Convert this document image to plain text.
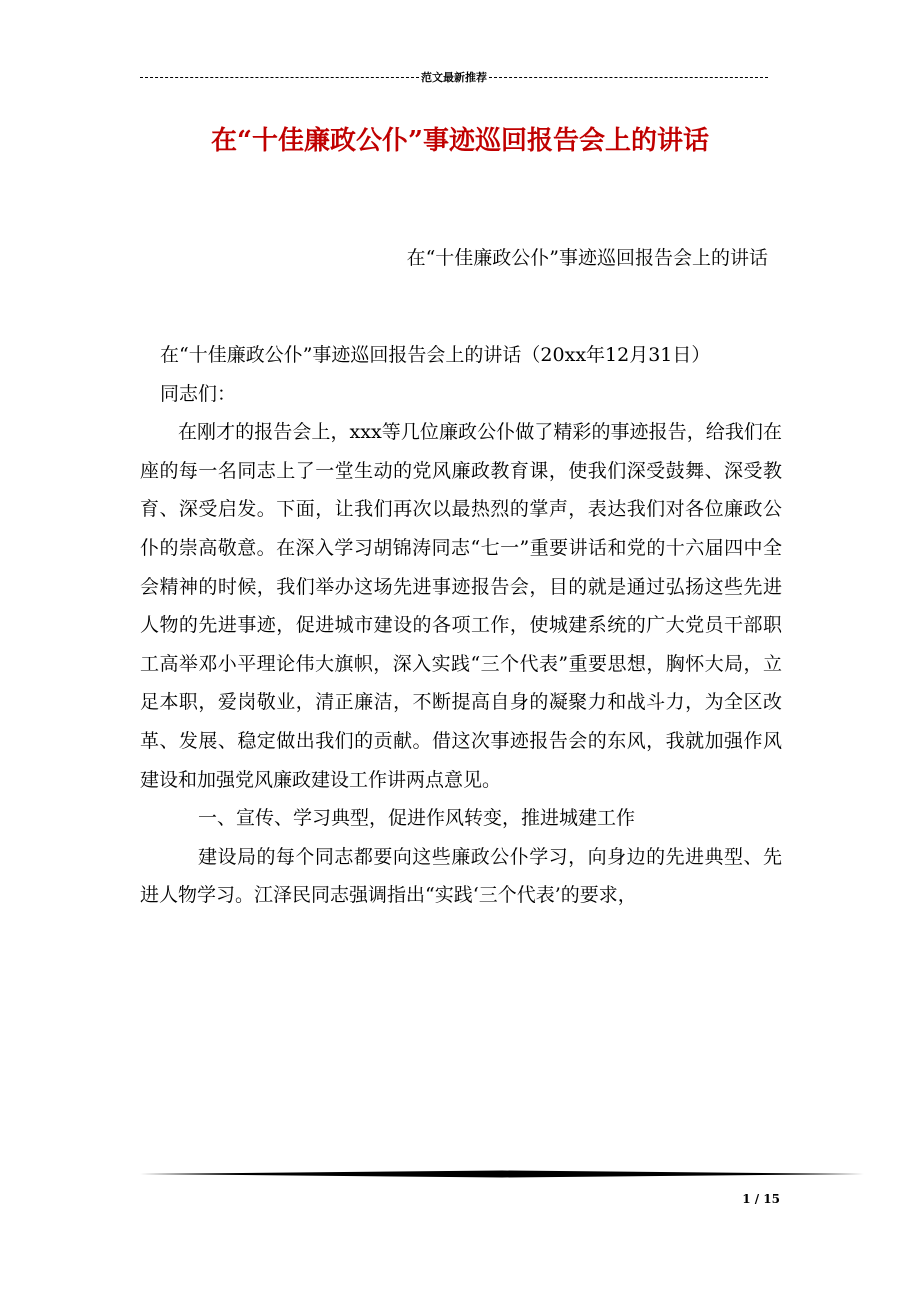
范文最新推荐
在“十佳廉政公仆”事迹巡回报告会上的讲话
在“十佳廉政公仆”事迹巡回报告会上的讲话

在“十佳廉政公仆”事迹巡回报告会上的讲话（20xx年12月31日）

同志们：

在刚才的报告会上，xxx等几位廉政公仆做了精彩的事迹报告，给我们在座的每一名同志上了一堂生动的党风廉政教育课，使我们深受鼓舞、深受教育、深受启发。下面，让我们再次以最热烈的掌声，表达我们对各位廉政公仆的崇高敬意。在深入学习胡锦涛同志“七一”重要讲话和党的十六届四中全会精神的时候，我们举办这场先进事迹报告会，目的就是通过弘扬这些先进人物的先进事迹，促进城市建设的各项工作，使城建系统的广大党员干部职工高举邓小平理论伟大旗帜，深入实践“三个代表”重要思想，胸怀大局，立足本职，爱岗敬业，清正廉洁，不断提高自身的凝聚力和战斗力，为全区改革、发展、稳定做出我们的贡献。借这次事迹报告会的东风，我就加强作风建设和加强党风廉政建设工作讲两点意见。

一、宣传、学习典型，促进作风转变，推进城建工作

建设局的每个同志都要向这些廉政公仆学习，向身边的先进典型、先进人物学习。江泽民同志强调指出“实践‘三个代表’的要求，

1 / 15
